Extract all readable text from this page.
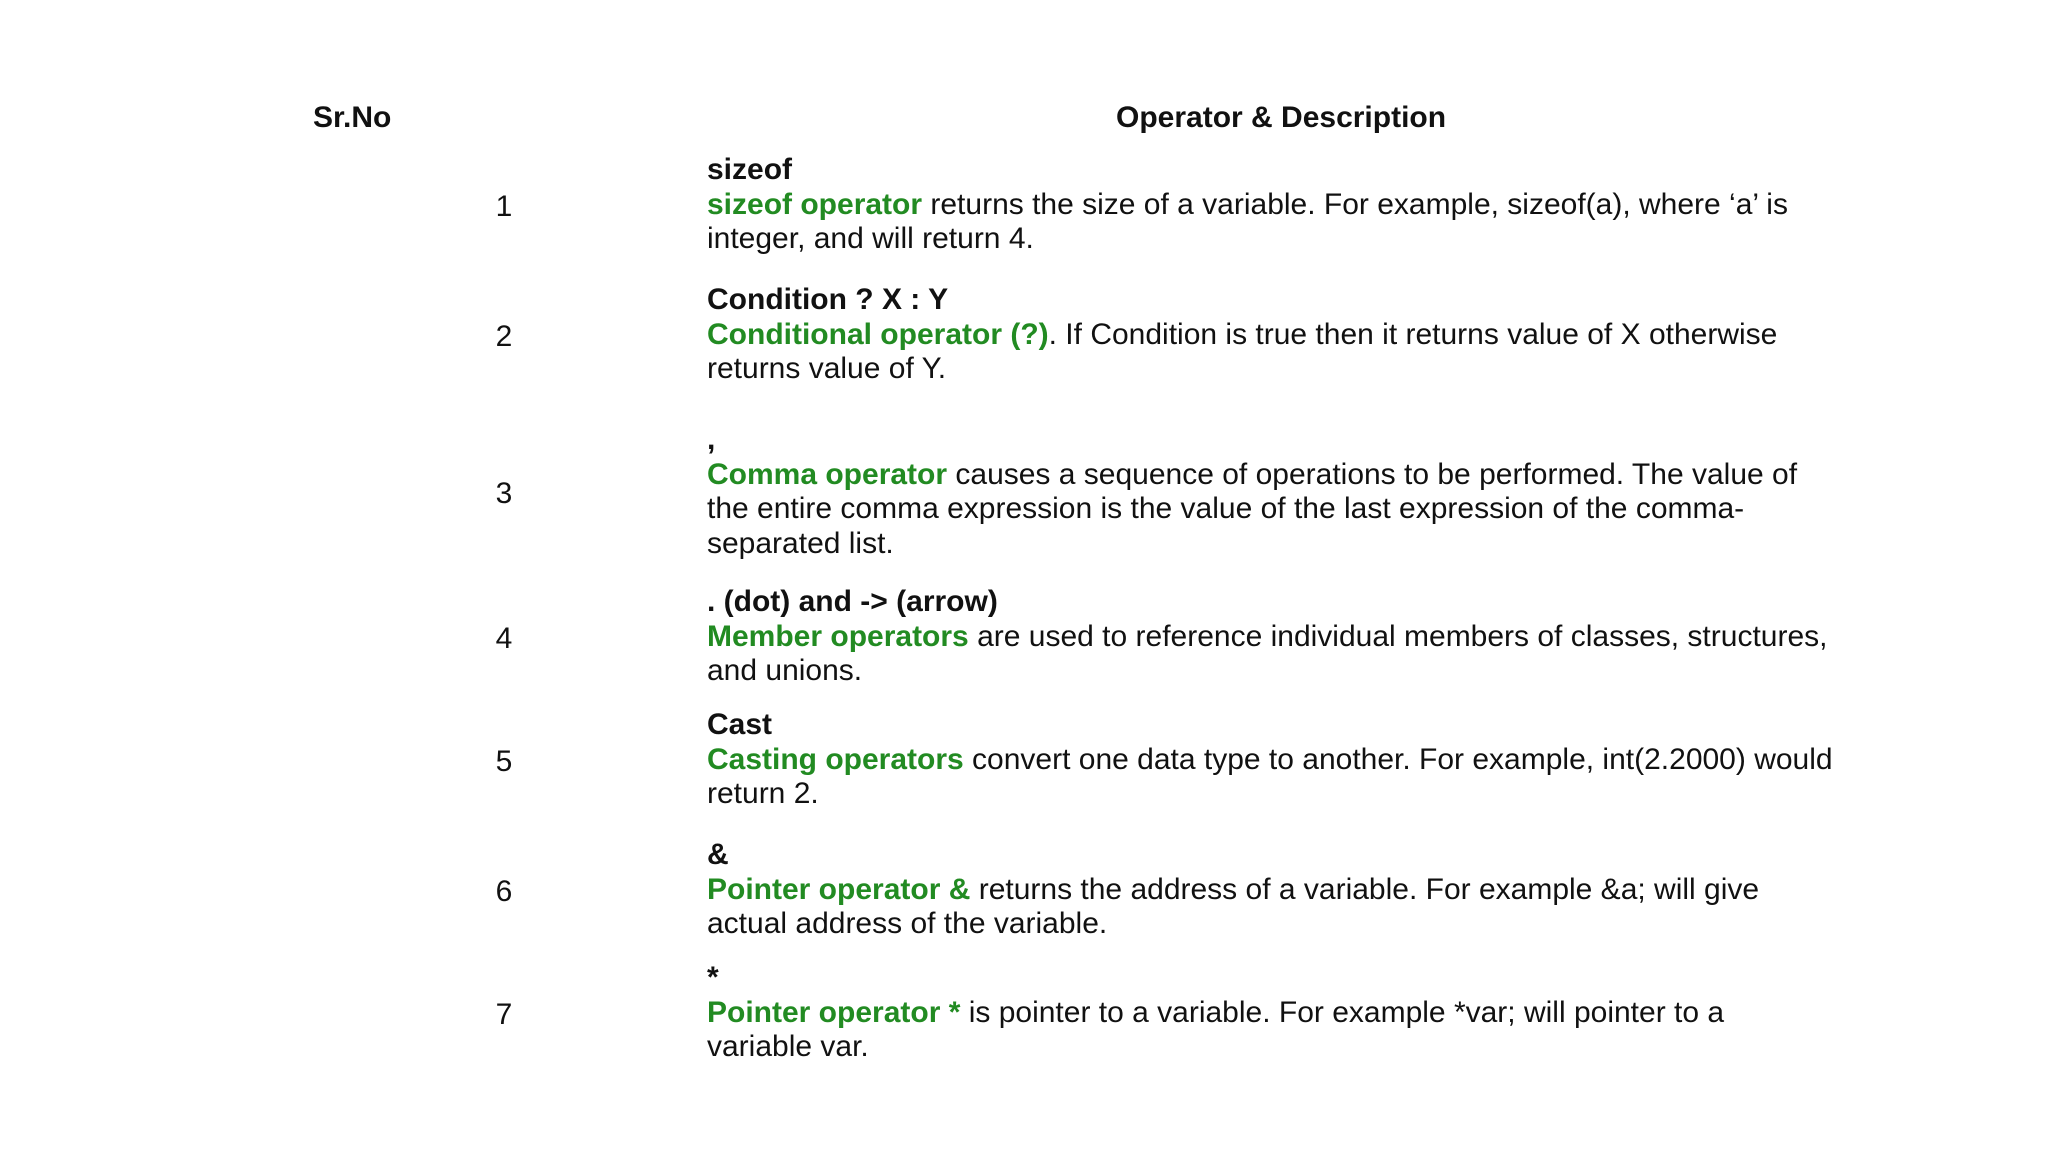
Sr.No	Operator & Description
1
sizeof
sizeof operator returns the size of a variable. For example, sizeof(a), where ‘a’ is integer, and will return 4.
2
Condition ? X : Y
Conditional operator (?). If Condition is true then it returns value of X otherwise returns value of Y.
3
,
Comma operator causes a sequence of operations to be performed. The value of the entire comma expression is the value of the last expression of the comma-separated list.
4
. (dot) and -> (arrow)
Member operators are used to reference individual members of classes, structures, and unions.
5
Cast
Casting operators convert one data type to another. For example, int(2.2000) would return 2.
6
&
Pointer operator & returns the address of a variable. For example &a; will give actual address of the variable.
7
*
Pointer operator * is pointer to a variable. For example *var; will pointer to a variable var.
